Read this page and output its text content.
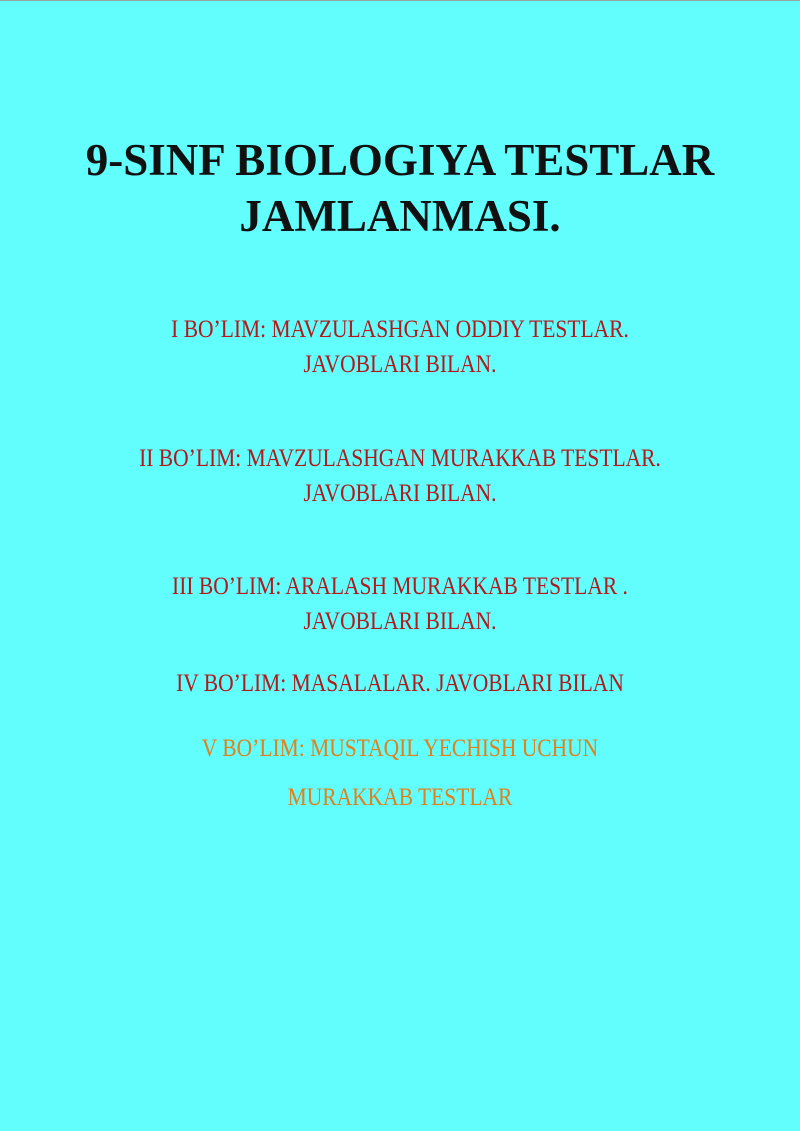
9-SINF BIOLOGIYA TESTLAR
JAMLANMASI.

I BO’LIM: MAVZULASHGAN ODDIY TESTLAR.

JAVOBLARI BILAN.

II BO’LIM: MAVZULASHGAN MURAKKAB TESTLAR.

JAVOBLARI BILAN.

III BO’LIM: ARALASH MURAKKAB TESTLAR .

JAVOBLARI BILAN.

IV BO’LIM: MASALALAR. JAVOBLARI BILAN

V BO’LIM: MUSTAQIL YECHISH UCHUN

MURAKKAB TESTLAR
